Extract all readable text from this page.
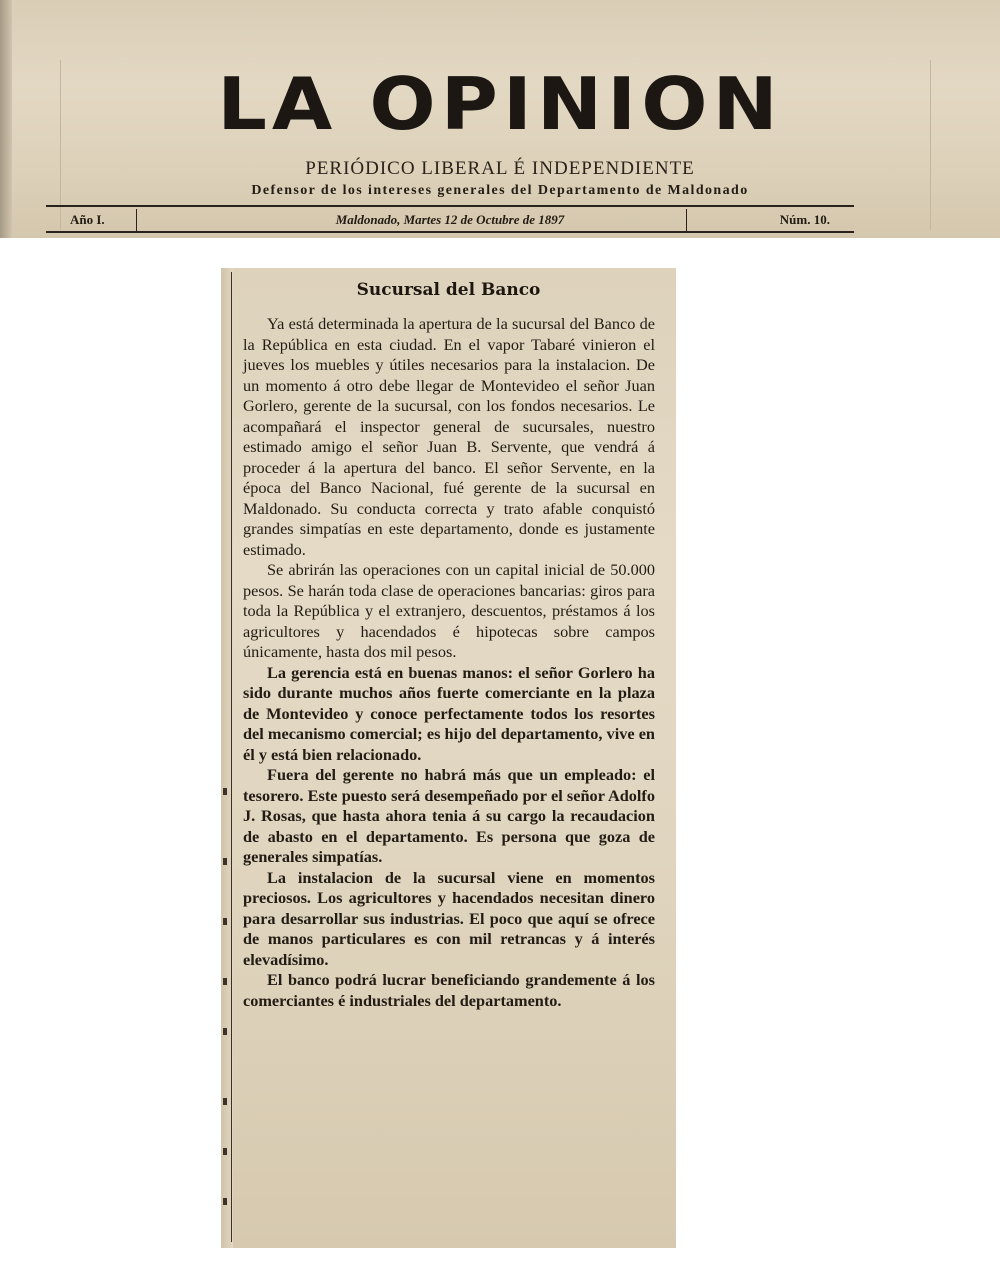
LA OPINION
PERIÓDICO LIBERAL É INDEPENDIENTE
Defensor de los intereses generales del Departamento de Maldonado
Año I.	Maldonado, Martes 12 de Octubre de 1897	Núm. 10.
Sucursal del Banco

Ya está determinada la apertura de la sucursal del Banco de la República en esta ciudad. En el vapor Tabaré vinieron el jueves los muebles y útiles necesarios para la instalacion. De un momento á otro debe llegar de Montevideo el señor Juan Gorlero, gerente de la sucursal, con los fondos necesarios. Le acompañará el inspector general de sucursales, nuestro estimado amigo el señor Juan B. Servente, que vendrá á proceder á la apertura del banco. El señor Servente, en la época del Banco Nacional, fué gerente de la sucursal en Maldonado. Su conducta correcta y trato afable conquistó grandes simpatías en este departamento, donde es justamente estimado.

Se abrirán las operaciones con un capital inicial de 50.000 pesos. Se harán toda clase de operaciones bancarias: giros para toda la República y el extranjero, descuentos, préstamos á los agricultores y hacendados é hipotecas sobre campos únicamente, hasta dos mil pesos.

La gerencia está en buenas manos: el señor Gorlero ha sido durante muchos años fuerte comerciante en la plaza de Montevideo y conoce perfectamente todos los resortes del mecanismo comercial; es hijo del departamento, vive en él y está bien relacionado.

Fuera del gerente no habrá más que un empleado: el tesorero. Este puesto será desempeñado por el señor Adolfo J. Rosas, que hasta ahora tenia á su cargo la recaudacion de abasto en el departamento. Es persona que goza de generales simpatías.

La instalacion de la sucursal viene en momentos preciosos. Los agricultores y hacendados necesitan dinero para desarrollar sus industrias. El poco que aquí se ofrece de manos particulares es con mil retrancas y á interés elevadísimo.

El banco podrá lucrar beneficiando grandemente á los comerciantes é industriales del departamento.
